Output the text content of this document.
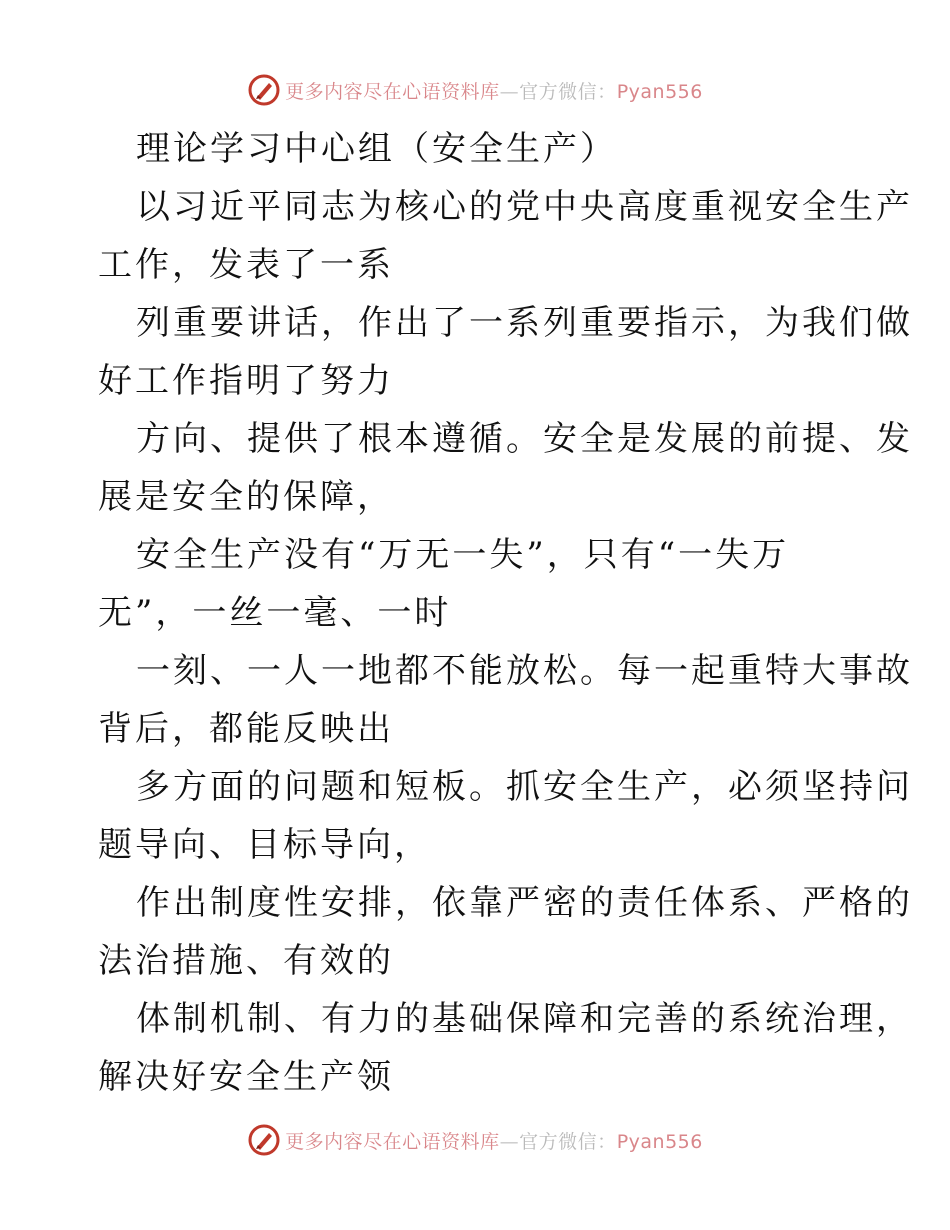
更多内容尽在心语资料库—官方微信：Pyan556
理论学习中心组（安全生产）
以习近平同志为核心的党中央高度重视安全生产
工作，发表了一系
列重要讲话，作出了一系列重要指示，为我们做
好工作指明了努力
方向、提供了根本遵循。安全是发展的前提、发
展是安全的保障，
安全生产没有“万无一失”，只有“一失万
无”，一丝一毫、一时
一刻、一人一地都不能放松。每一起重特大事故
背后，都能反映出
多方面的问题和短板。抓安全生产，必须坚持问
题导向、目标导向，
作出制度性安排，依靠严密的责任体系、严格的
法治措施、有效的
体制机制、有力的基础保障和完善的系统治理，
解决好安全生产领
更多内容尽在心语资料库—官方微信：Pyan556
